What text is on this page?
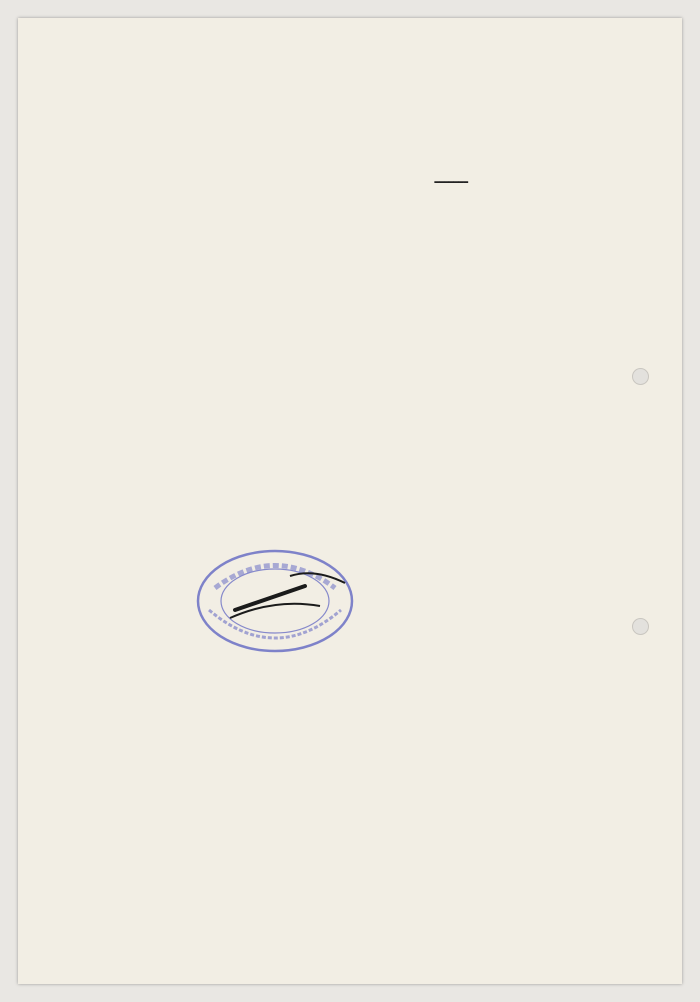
ـــــــ
